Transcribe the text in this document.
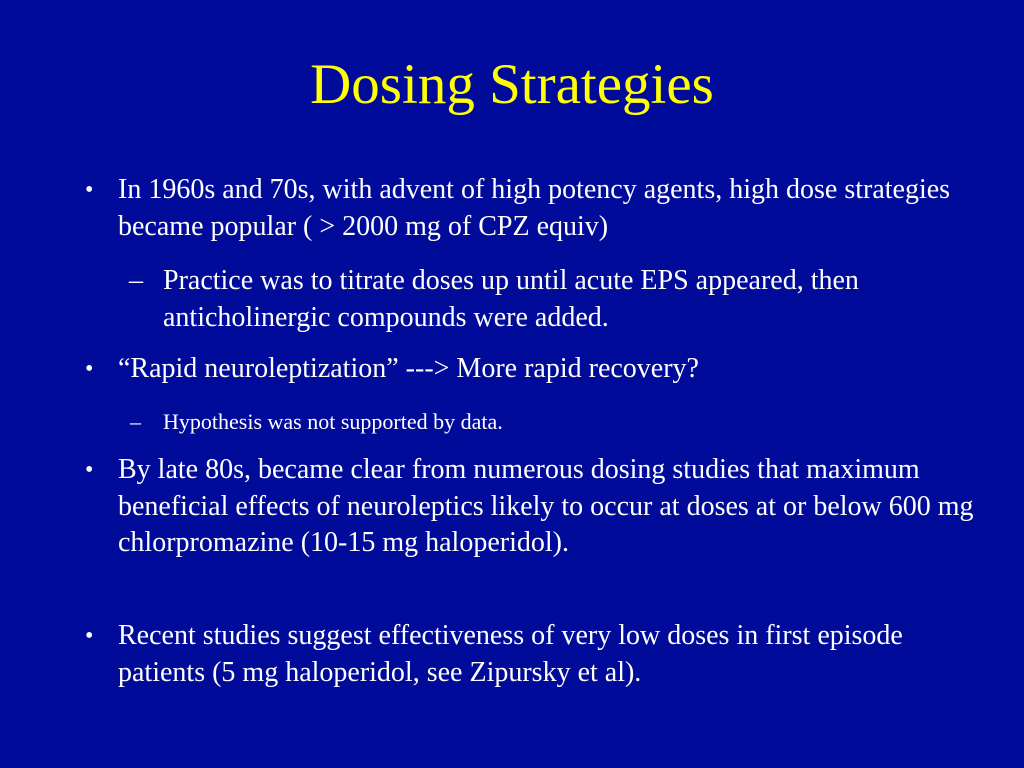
Dosing Strategies
• In 1960s and 70s, with advent of high potency agents, high dose strategies became popular ( > 2000 mg of CPZ equiv)
– Practice was to titrate doses up until acute EPS appeared, then anticholinergic compounds were added.
• “Rapid neuroleptization” ---> More rapid recovery?
– Hypothesis was not supported by data.
• By late 80s, became clear from numerous dosing studies that maximum beneficial effects of neuroleptics likely to occur at doses at or below 600 mg chlorpromazine (10-15 mg haloperidol).
• Recent studies suggest effectiveness of very low doses in first episode patients (5 mg haloperidol, see Zipursky et al).
